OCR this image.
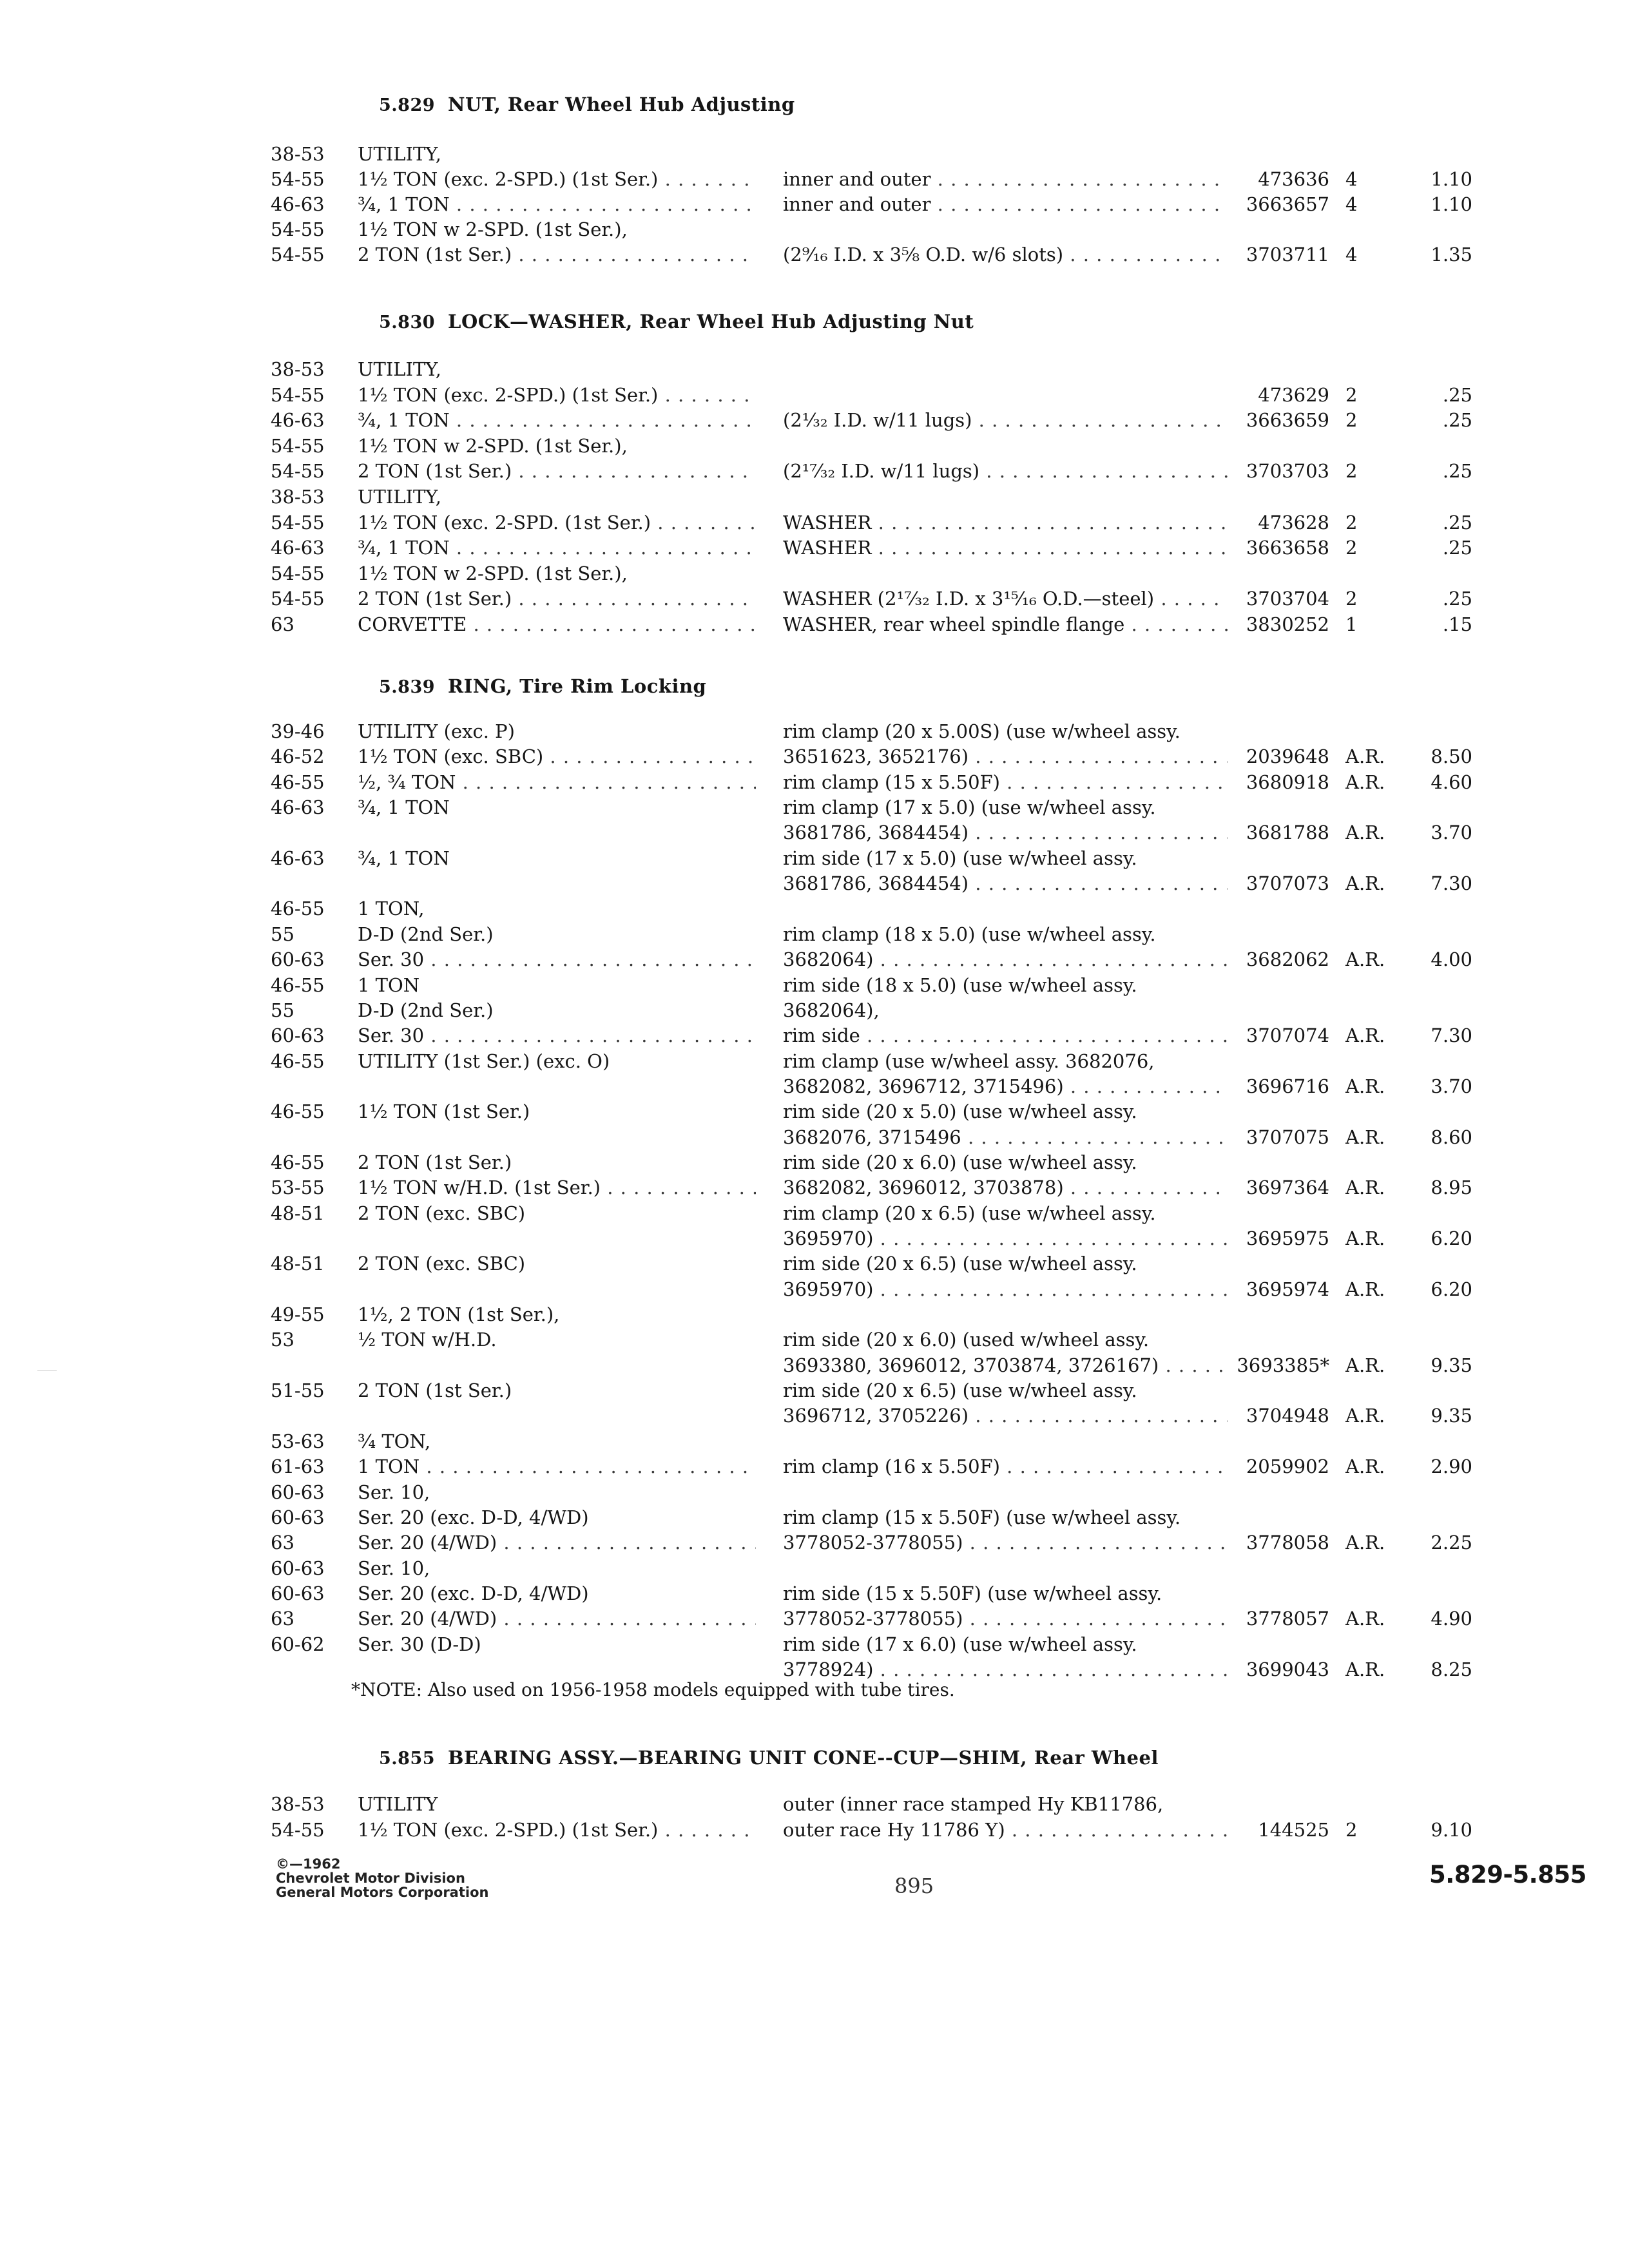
5.829 NUT, Rear Wheel Hub Adjusting
38-53	UTILITY,
54-55	1½ TON (exc. 2-SPD.) (1st Ser.) . . .	inner and outer . . .	473636 4	1.10
46-63	¾, 1 TON . . .	inner and outer . . .	3663657 4	1.10
54-55	1½ TON w 2-SPD. (1st Ser.),
54-55	2 TON (1st Ser.) . . .	(2⁹⁄₁₆ I.D. x 3⅝ O.D. w/6 slots) . . .	3703711 4	1.35
5.830 LOCK—WASHER, Rear Wheel Hub Adjusting Nut
38-53	UTILITY,
54-55	1½ TON (exc. 2-SPD.) (1st Ser.) . . .	473629 2	.25
46-63	¾, 1 TON . . .	(2¹⁄₃₂ I.D. w/11 lugs) . . .	3663659 2	.25
54-55	1½ TON w 2-SPD. (1st Ser.),
54-55	2 TON (1st Ser.) . . .	(2¹⁷⁄₃₂ I.D. w/11 lugs) . . .	3703703 2	.25
38-53	UTILITY,
54-55	1½ TON (exc. 2-SPD. (1st Ser.) . . .	WASHER . . .	473628 2	.25
46-63	¾, 1 TON . . .	WASHER . . .	3663658 2	.25
54-55	1½ TON w 2-SPD. (1st Ser.),
54-55	2 TON (1st Ser.) . . .	WASHER (2¹⁷⁄₃₂ I.D. x 3¹⁵⁄₁₆ O.D.—steel) . . .	3703704 2	.25
63	CORVETTE . . .	WASHER, rear wheel spindle flange . . .	3830252 1	.15
5.839 RING, Tire Rim Locking
39-46	UTILITY (exc. P)	rim clamp (20 x 5.00S) (use w/wheel assy.
46-52	1½ TON (exc. SBC) . . .	3651623, 3652176) . . .	2039648 A.R.	8.50
46-55	½, ¾ TON . . .	rim clamp (15 x 5.50F) . . .	3680918 A.R.	4.60
46-63	¾, 1 TON	rim clamp (17 x 5.0) (use w/wheel assy.
3681786, 3684454) . . .	3681788 A.R.	3.70
46-63	¾, 1 TON	rim side (17 x 5.0) (use w/wheel assy.
3681786, 3684454) . . .	3707073 A.R.	7.30
46-55	1 TON,
55	D-D (2nd Ser.)	rim clamp (18 x 5.0) (use w/wheel assy.
60-63	Ser. 30 . . .	3682064) . . .	3682062 A.R.	4.00
46-55	1 TON	rim side (18 x 5.0) (use w/wheel assy.
55	D-D (2nd Ser.)	3682064),
60-63	Ser. 30 . . .	rim side . . .	3707074 A.R.	7.30
46-55	UTILITY (1st Ser.) (exc. O)	rim clamp (use w/wheel assy. 3682076,
3682082, 3696712, 3715496) . . .	3696716 A.R.	3.70
46-55	1½ TON (1st Ser.)	rim side (20 x 5.0) (use w/wheel assy.
3682076, 3715496 . . .	3707075 A.R.	8.60
46-55	2 TON (1st Ser.)	rim side (20 x 6.0) (use w/wheel assy.
53-55	1½ TON w/H.D. (1st Ser.) . . .	3682082, 3696012, 3703878) . . .	3697364 A.R.	8.95
48-51	2 TON (exc. SBC)	rim clamp (20 x 6.5) (use w/wheel assy.
3695970) . . .	3695975 A.R.	6.20
48-51	2 TON (exc. SBC)	rim side (20 x 6.5) (use w/wheel assy.
3695970) . . .	3695974 A.R.	6.20
49-55	1½, 2 TON (1st Ser.),
53	½ TON w/H.D.	rim side (20 x 6.0) (used w/wheel assy.
3693380, 3696012, 3703874, 3726167) . . .	3693385* A.R.	9.35
51-55	2 TON (1st Ser.)	rim side (20 x 6.5) (use w/wheel assy.
3696712, 3705226) . . .	3704948 A.R.	9.35
53-63	¾ TON,
61-63	1 TON . . .	rim clamp (16 x 5.50F) . . .	2059902 A.R.	2.90
60-63	Ser. 10,
60-63	Ser. 20 (exc. D-D, 4/WD)	rim clamp (15 x 5.50F) (use w/wheel assy.
63	Ser. 20 (4/WD) . . .	3778052-3778055) . . .	3778058 A.R.	2.25
60-63	Ser. 10,
60-63	Ser. 20 (exc. D-D, 4/WD)	rim side (15 x 5.50F) (use w/wheel assy.
63	Ser. 20 (4/WD) . . .	3778052-3778055) . . .	3778057 A.R.	4.90
60-62	Ser. 30 (D-D)	rim side (17 x 6.0) (use w/wheel assy.
3778924) . . .	3699043 A.R.	8.25
5.855 BEARING ASSY.—BEARING UNIT CONE--CUP—SHIM, Rear Wheel
38-53	UTILITY	outer (inner race stamped Hy KB11786,
54-55	1½ TON (exc. 2-SPD.) (1st Ser.) . . .	outer race Hy 11786 Y) . . .	144525 2	9.10
*NOTE: Also used on 1956-1958 models equipped with tube tires.
©—1962
Chevrolet Motor Division
General Motors Corporation	895	5.829-5.855
